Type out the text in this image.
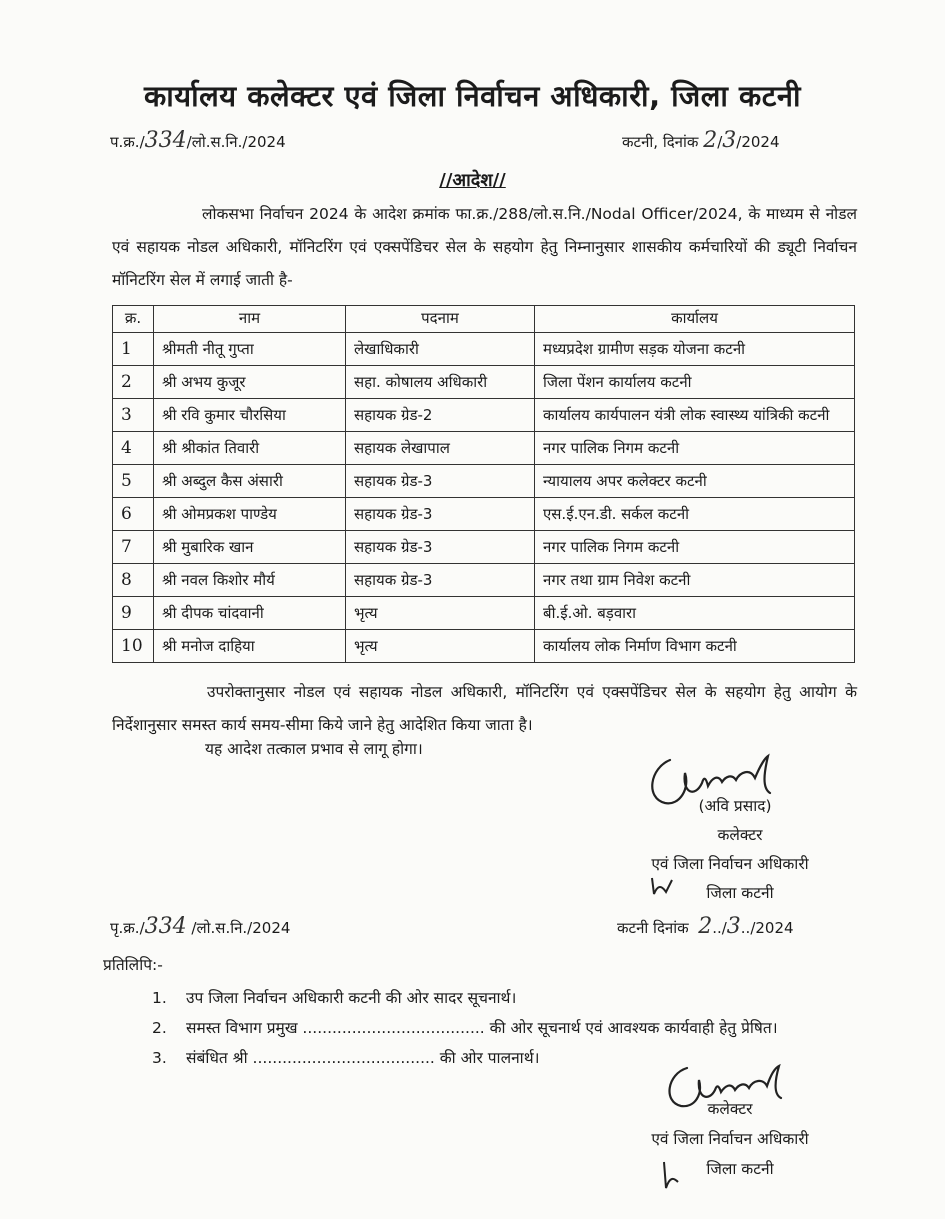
कार्यालय कलेक्टर एवं जिला निर्वाचन अधिकारी, जिला कटनी
प.क्र./334/लो.स.नि./2024	कटनी, दिनांक 2/3/2024
//आदेश//
लोकसभा निर्वाचन 2024 के आदेश क्रमांक फा.क्र./288/लो.स.नि./Nodal Officer/2024, के माध्यम से नोडल एवं सहायक नोडल अधिकारी, मॉनिटरिंग एवं एक्सपेंडिचर सेल के सहयोग हेतु निम्नानुसार शासकीय कर्मचारियों की ड्यूटी निर्वाचन मॉनिटरिंग सेल में लगाई जाती है-
क्र.	नाम	पदनाम	कार्यालय
1	श्रीमती नीतू गुप्ता	लेखाधिकारी	मध्यप्रदेश ग्रामीण सड़क योजना कटनी
2	श्री अभय कुजूर	सहा. कोषालय अधिकारी	जिला पेंशन कार्यालय कटनी
3	श्री रवि कुमार चौरसिया	सहायक ग्रेड-2	कार्यालय कार्यपालन यंत्री लोक स्वास्थ्य यांत्रिकी कटनी
4	श्री श्रीकांत तिवारी	सहायक लेखापाल	नगर पालिक निगम कटनी
5	श्री अब्दुल कैस अंसारी	सहायक ग्रेड-3	न्यायालय अपर कलेक्टर कटनी
6	श्री ओमप्रकश पाण्डेय	सहायक ग्रेड-3	एस.ई.एन.डी. सर्कल कटनी
7	श्री मुबारिक खान	सहायक ग्रेड-3	नगर पालिक निगम कटनी
8	श्री नवल किशोर मौर्य	सहायक ग्रेड-3	नगर तथा ग्राम निवेश कटनी
9	श्री दीपक चांदवानी	भृत्य	बी.ई.ओ. बड़वारा
10	श्री मनोज दाहिया	भृत्य	कार्यालय लोक निर्माण विभाग कटनी
उपरोक्तानुसार नोडल एवं सहायक नोडल अधिकारी, मॉनिटरिंग एवं एक्सपेंडिचर सेल के सहयोग हेतु आयोग के निर्देशानुसार समस्त कार्य समय-सीमा किये जाने हेतु आदेशित किया जाता है।
यह आदेश तत्काल प्रभाव से लागू होगा।
(अवि प्रसाद)
कलेक्टर
एवं जिला निर्वाचन अधिकारी
जिला कटनी
पृ.क्र./334 /लो.स.नि./2024	कटनी दिनांक 2../3../2024
प्रतिलिपि:-
1. उप जिला निर्वाचन अधिकारी कटनी की ओर सादर सूचनार्थ।
2. समस्त विभाग प्रमुख ..................................... की ओर सूचनार्थ एवं आवश्यक कार्यवाही हेतु प्रेषित।
3. संबंधित श्री ..................................... की ओर पालनार्थ।
कलेक्टर
एवं जिला निर्वाचन अधिकारी
जिला कटनी
